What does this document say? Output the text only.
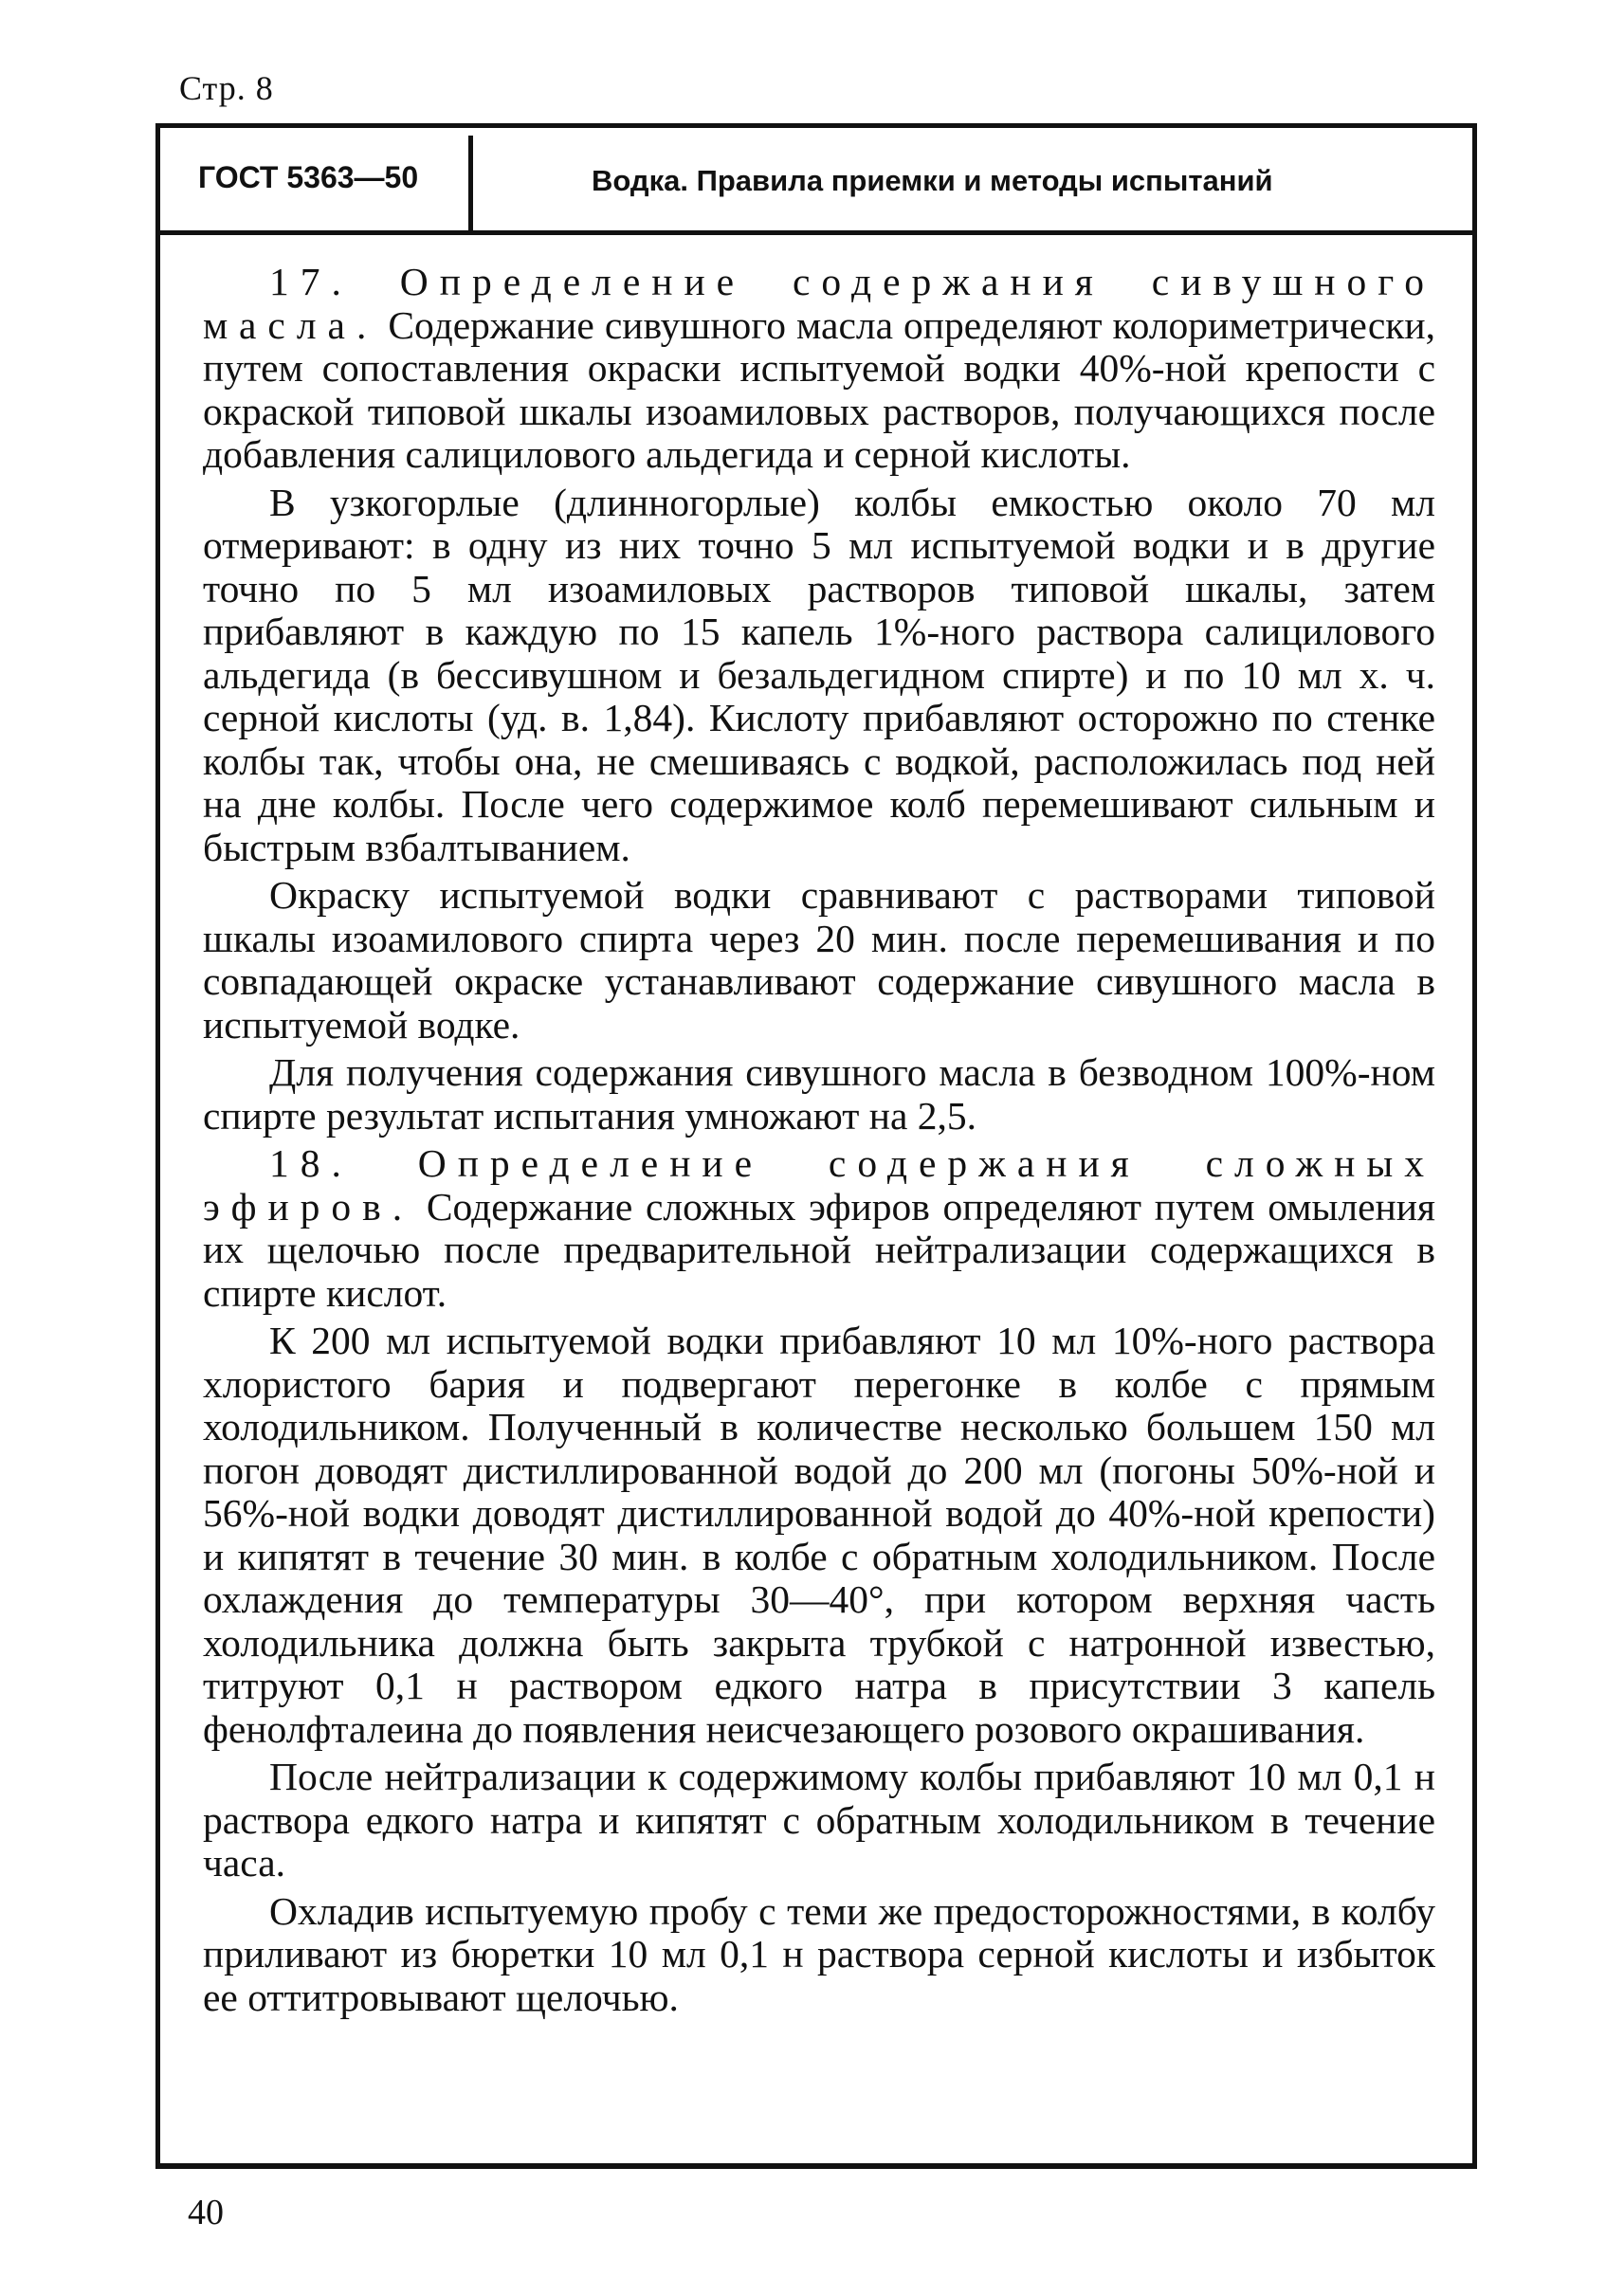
Стр. 8
ГОСТ 5363—50	Водка. Правила приемки и методы испытаний

17. Определение содержания сивушного масла. Содержание сивушного масла определяют колориметрически, путем сопоставления окраски испытуемой водки 40%-ной крепости с окраской типовой шкалы изоамиловых растворов, получающихся после добавления салицилового альдегида и серной кислоты.

В узкогорлые (длинногорлые) колбы емкостью около 70 мл отмеривают: в одну из них точно 5 мл испытуемой водки и в другие точно по 5 мл изоамиловых растворов типовой шкалы, затем прибавляют в каждую по 15 капель 1%-ного раствора салицилового альдегида (в бессивушном и безальдегидном спирте) и по 10 мл х. ч. серной кислоты (уд. в. 1,84). Кислоту прибавляют осторожно по стенке колбы так, чтобы она, не смешиваясь с водкой, расположилась под ней на дне колбы. После чего содержимое колб перемешивают сильным и быстрым взбалтыванием.

Окраску испытуемой водки сравнивают с растворами типовой шкалы изоамилового спирта через 20 мин. после перемешивания и по совпадающей окраске устанавливают содержание сивушного масла в испытуемой водке.

Для получения содержания сивушного масла в безводном 100%-ном спирте результат испытания умножают на 2,5.

18. Определение содержания сложных эфиров. Содержание сложных эфиров определяют путем омыления их щелочью после предварительной нейтрализации содержащихся в спирте кислот.

К 200 мл испытуемой водки прибавляют 10 мл 10%-ного раствора хлористого бария и подвергают перегонке в колбе с прямым холодильником. Полученный в количестве несколько большем 150 мл погон доводят дистиллированной водой до 200 мл (погоны 50%-ной и 56%-ной водки доводят дистиллированной водой до 40%-ной крепости) и кипятят в течение 30 мин. в колбе с обратным холодильником. После охлаждения до температуры 30—40°, при котором верхняя часть холодильника должна быть закрыта трубкой с натронной известью, титруют 0,1 н раствором едкого натра в присутствии 3 капель фенолфталеина до появления неисчезающего розового окрашивания.

После нейтрализации к содержимому колбы прибавляют 10 мл 0,1 н раствора едкого натра и кипятят с обратным холодильником в течение часа.

Охладив испытуемую пробу с теми же предосторожностями, в колбу приливают из бюретки 10 мл 0,1 н раствора серной кислоты и избыток ее оттитровывают щелочью.

40
